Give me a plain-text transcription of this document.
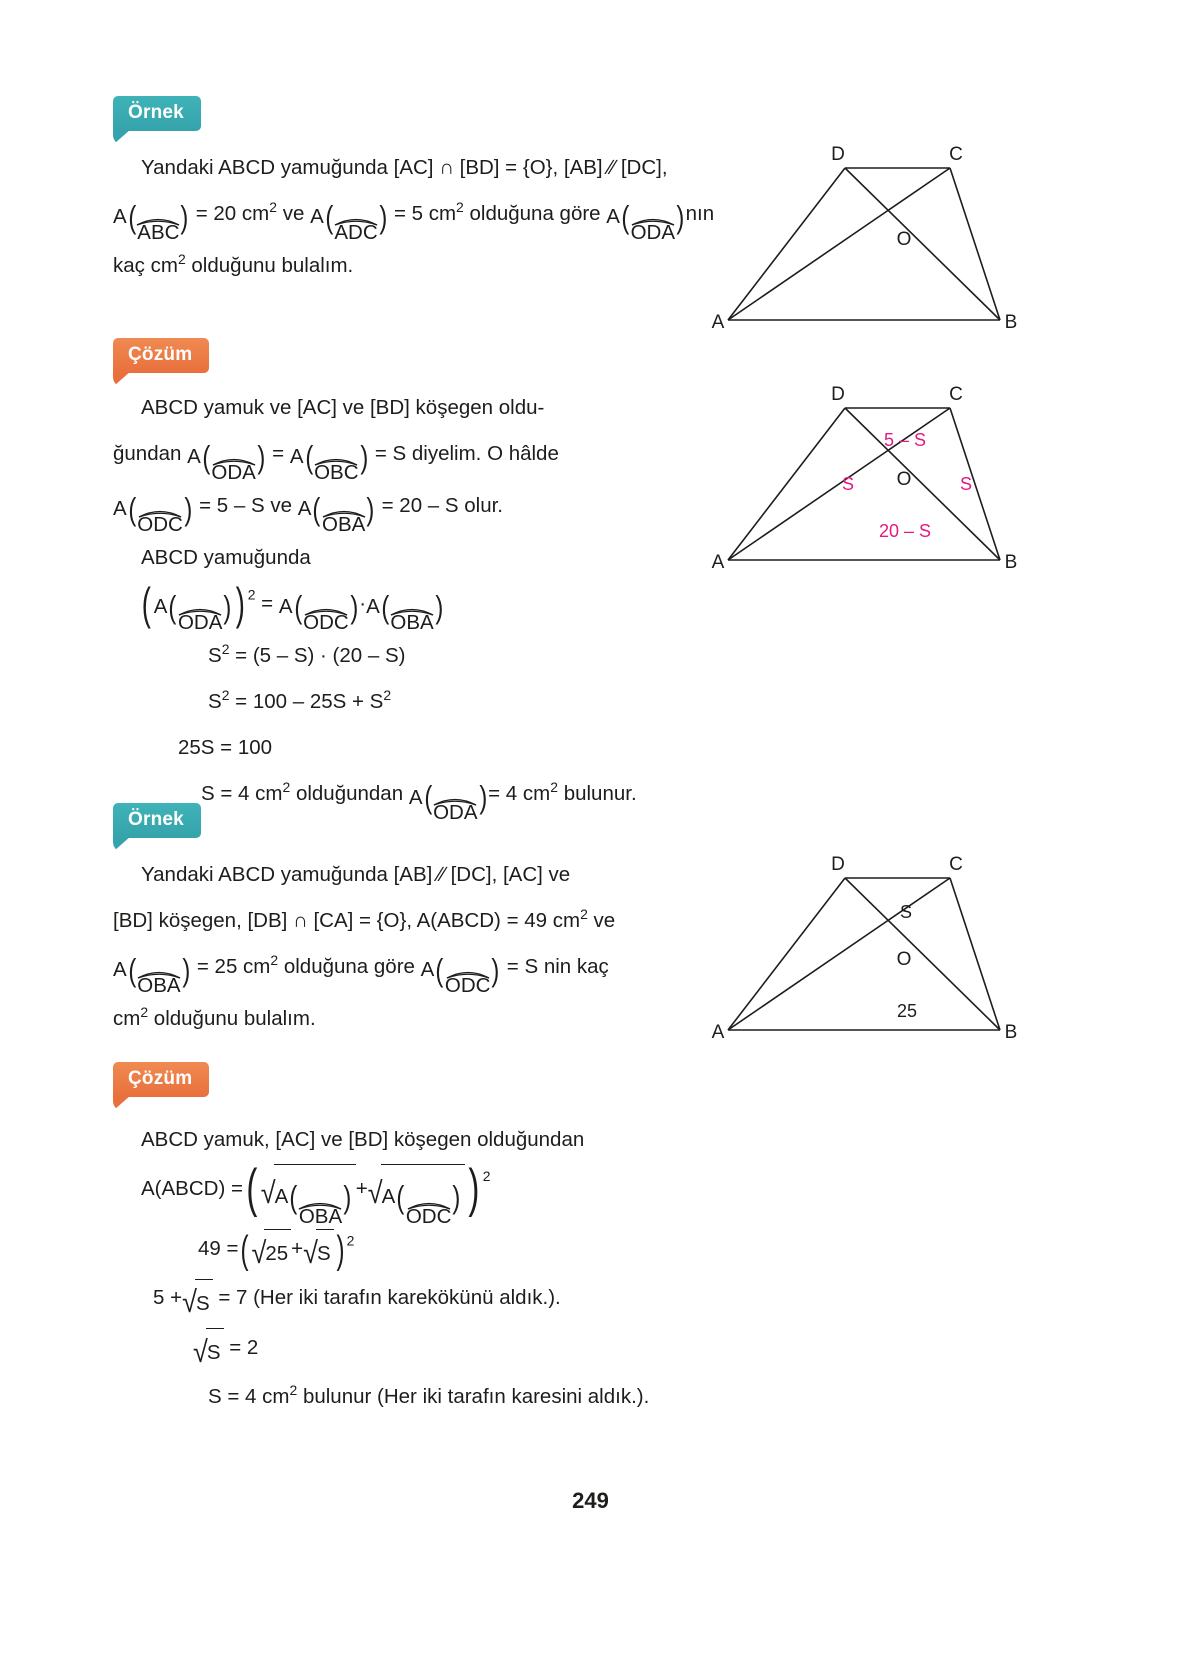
Örnek
Yandaki ABCD yamuğunda [AC] ∩ [BD] = {O}, [AB] ∕∕ [DC],
A( ABC ) = 20 $cm^2$ ve A( ADC ) = 5 $cm^2$ olduğuna göre A( ODA )nın
kaç $cm^2$ olduğunu bulalım.
D	C
A	B
O
Çözüm
ABCD yamuk ve [AC] ve [BD] köşegen oldu-
ğundan A( ODA ) = A( OBC ) = S diyelim. O hâlde
A( ODC ) = 5 – S ve A( OBA ) = 20 – S olur.
ABCD yamuğunda
( A( ODA )) $^2$ = A( ODC )·A( OBA )
$S^2 = (5 - S) \cdot (20 - S)$
$S^2 = 100 - 25S + S^2$
25S = 100
S = 4 $cm^2$ olduğundan A( ODA )= 4 $cm^2$ bulunur.
D	C
A	B
O
5 – S
S	S
20 – S
Örnek
Yandaki ABCD yamuğunda [AB] ∕∕ [DC], [AC] ve
[BD] köşegen, [DB] ∩ [CA] = {O}, A(ABCD) = 49 $cm^2$ ve
A( OBA ) = 25 $cm^2$ olduğuna göre A( ODC ) = S nin kaç
$cm^2$ olduğunu bulalım.
D	C
A	B
O
S
25
Çözüm
ABCD yamuk, [AC] ve [BD] köşegen olduğundan
A(ABCD) =( √A(
OBA
) +√A(
ODC
) ) $^2$
49 =(√25 +√S ) $^2$
5 +√S = 7 (Her iki tarafın karekökünü aldık.).
√S = 2
S = 4 $cm^2$ bulunur (Her iki tarafın karesini aldık.).
249
